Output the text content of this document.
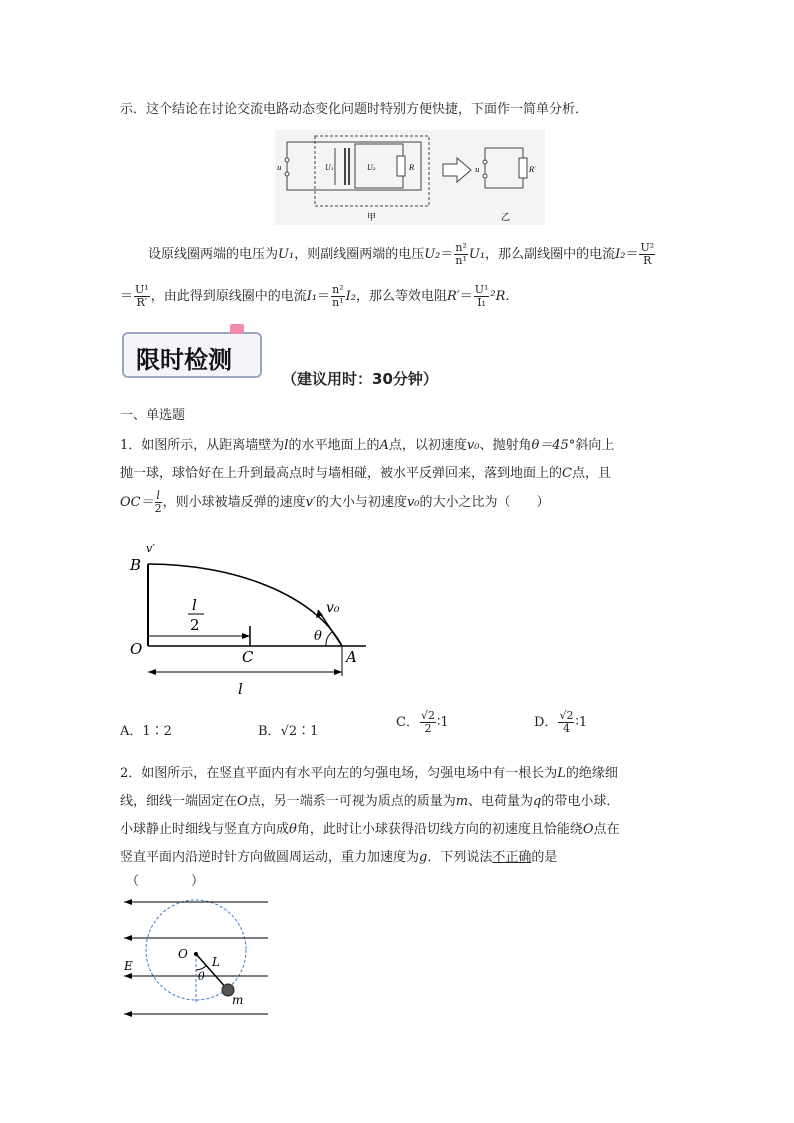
示．这个结论在讨论交流电路动态变化问题时特别方便快捷，下面作一简单分析．
u	U₁	U₂	R	u	R′
甲	乙
设原线圈两端的电压为U₁，则副线圈两端的电压$U_2= \frac{\text{n²}}{\text{n¹}} U_1$，那么副线圈中的电流$I_2= \frac{\text{U²}}{R}$
＝ $\frac{\text{U¹}}{R'}$ ，由此得到原线圈中的电流$I_1= \frac{\text{n²}}{\text{n¹}} I_2$，那么等效电阻$R'= \frac{\text{U¹}}{\text{I₁}} ^2R$.
限时检测
（建议用时：30分钟）
一、单选题
1．如图所示，从距离墙壁为l的水平地面上的A点，以初速度v₀、抛射角θ＝45°斜向上
抛一球，球恰好在上升到最高点时与墙相碰，被水平反弹回来，落到地面上的C点，且
$OC= \frac{l}{2}$ ，则小球被墙反弹的速度v′的大小与初速度v₀的大小之比为（　　）
B
v′
O	C	A
v₀
θ
l
2
l
A．1∶2	B．√2∶1
C． $\frac{√2}{2}$ ∶1	D． $\frac{√2}{4}$ ∶1
2．如图所示，在竖直平面内有水平向左的匀强电场，匀强电场中有一根长为L的绝缘细
线，细线一端固定在O点，另一端系一可视为质点的质量为m、电荷量为q的带电小球．
小球静止时细线与竖直方向成θ角，此时让小球获得沿切线方向的初速度且恰能绕O点在
竖直平面内沿逆时针方向做圆周运动，重力加速度为g．下列说法不正确的是
（　　　　）
O
L
θ
m
E
